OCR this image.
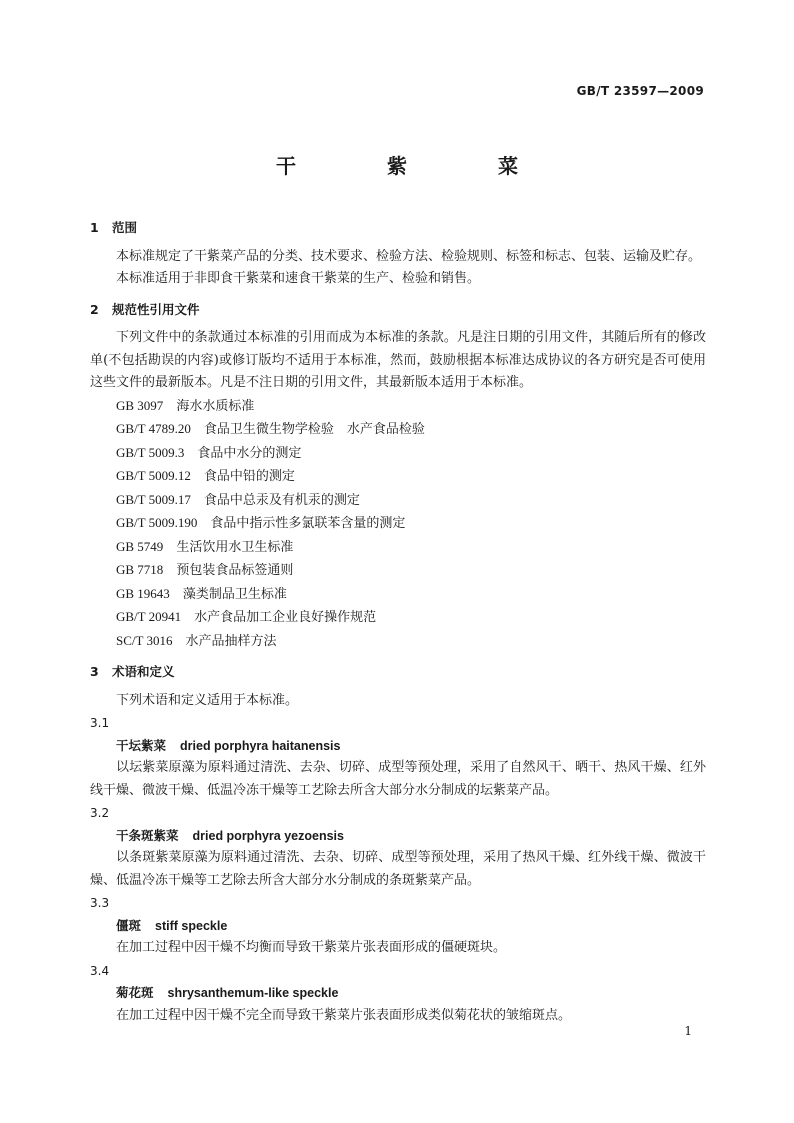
GB/T 23597—2009
干 紫 菜
1 范围
本标准规定了干紫菜产品的分类、技术要求、检验方法、检验规则、标签和标志、包装、运输及贮存。
本标准适用于非即食干紫菜和速食干紫菜的生产、检验和销售。
2 规范性引用文件
下列文件中的条款通过本标准的引用而成为本标准的条款。凡是注日期的引用文件，其随后所有的修改单(不包括勘误的内容)或修订版均不适用于本标准，然而，鼓励根据本标准达成协议的各方研究是否可使用这些文件的最新版本。凡是不注日期的引用文件，其最新版本适用于本标准。
GB 3097　 海水水质标准
GB/T 4789.20　 食品卫生微生物学检验　水产食品检验
GB/T 5009.3　 食品中水分的测定
GB/T 5009.12　 食品中铅的测定
GB/T 5009.17　 食品中总汞及有机汞的测定
GB/T 5009.190　 食品中指示性多氯联苯含量的测定
GB 5749　 生活饮用水卫生标准
GB 7718　 预包装食品标签通则
GB 19643　 藻类制品卫生标准
GB/T 20941　 水产食品加工企业良好操作规范
SC/T 3016　 水产品抽样方法
3 术语和定义
下列术语和定义适用于本标准。
3.1
干坛紫菜 dried porphyra haitanensis
以坛紫菜原藻为原料通过清洗、去杂、切碎、成型等预处理，采用了自然风干、晒干、热风干燥、红外线干燥、微波干燥、低温冷冻干燥等工艺除去所含大部分水分制成的坛紫菜产品。
3.2
干条斑紫菜 dried porphyra yezoensis
以条斑紫菜原藻为原料通过清洗、去杂、切碎、成型等预处理，采用了热风干燥、红外线干燥、微波干燥、低温冷冻干燥等工艺除去所含大部分水分制成的条斑紫菜产品。
3.3
僵斑 stiff speckle
在加工过程中因干燥不均衡而导致干紫菜片张表面形成的僵硬斑块。
3.4
菊花斑 shrysanthemum-like speckle
在加工过程中因干燥不完全而导致干紫菜片张表面形成类似菊花状的皱缩斑点。
1
